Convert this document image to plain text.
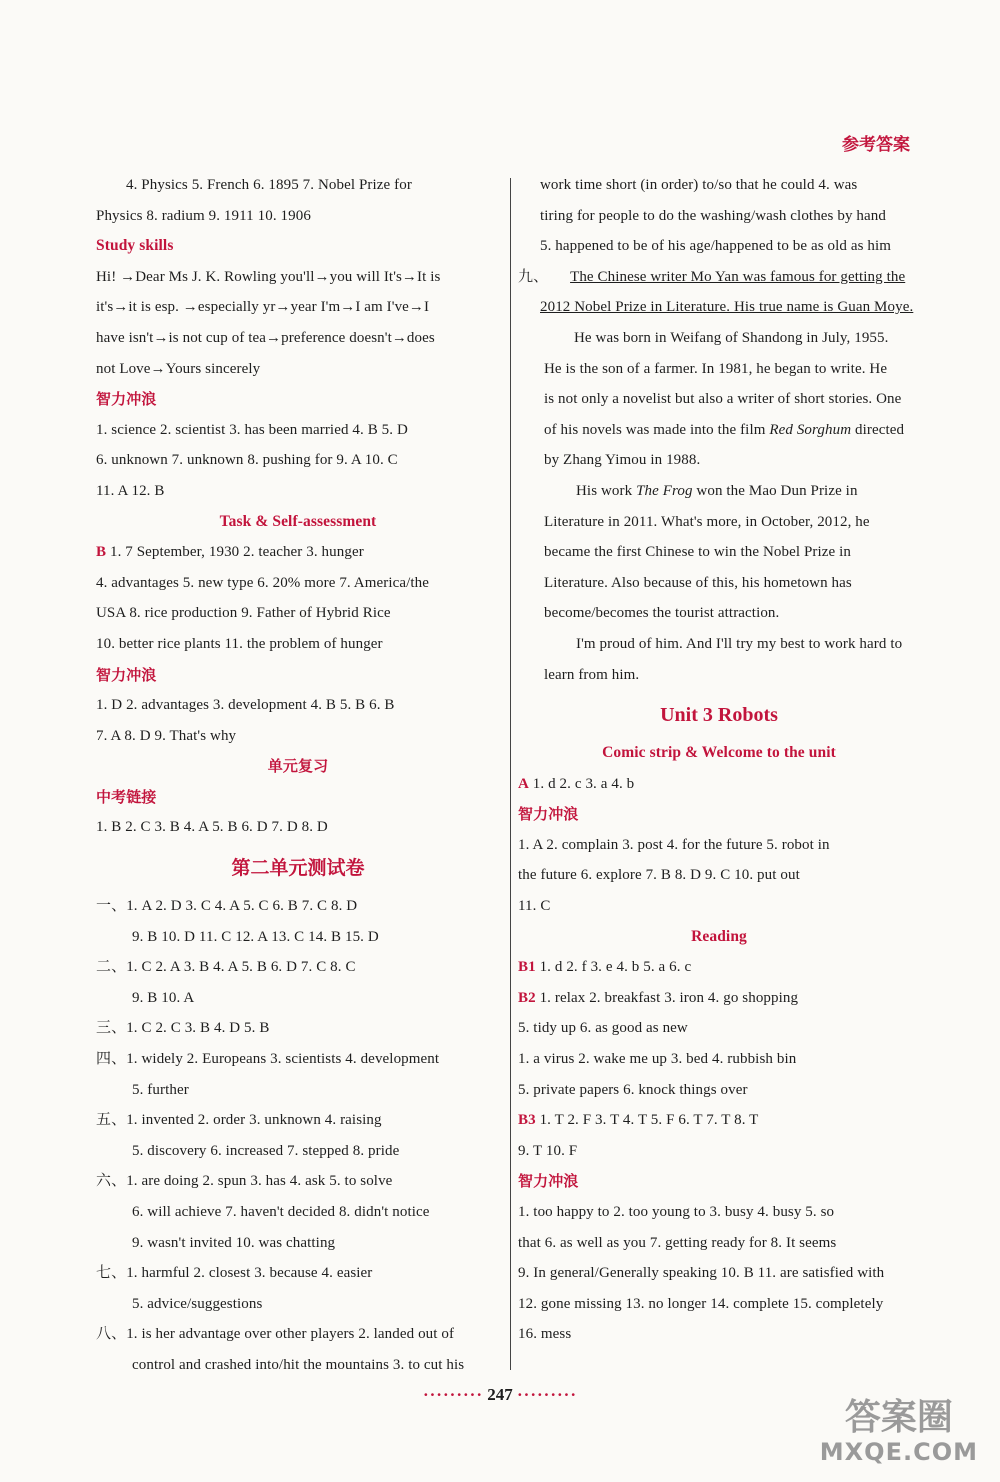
参考答案
4. Physics 5. French 6. 1895 7. Nobel Prize for
Physics 8. radium 9. 1911 10. 1906
Study skills
Hi! →Dear Ms J. K. Rowling you'll→you will It's→It is
it's→it is esp. →especially yr→year I'm→I am I've→I
have isn't→is not cup of tea→preference doesn't→does
not Love→Yours sincerely
智力冲浪
1. science 2. scientist 3. has been married 4. B 5. D
6. unknown 7. unknown 8. pushing for 9. A 10. C
11. A 12. B
Task & Self-assessment
B 1. 7 September, 1930 2. teacher 3. hunger
4. advantages 5. new type 6. 20% more 7. America/the
USA 8. rice production 9. Father of Hybrid Rice
10. better rice plants 11. the problem of hunger
智力冲浪
1. D 2. advantages 3. development 4. B 5. B 6. B
7. A 8. D 9. That's why
单元复习
中考链接
1. B 2. C 3. B 4. A 5. B 6. D 7. D 8. D
第二单元测试卷
一、1. A 2. D 3. C 4. A 5. C 6. B 7. C 8. D
9. B 10. D 11. C 12. A 13. C 14. B 15. D
二、1. C 2. A 3. B 4. A 5. B 6. D 7. C 8. C
9. B 10. A
三、1. C 2. C 3. B 4. D 5. B
四、1. widely 2. Europeans 3. scientists 4. development
5. further
五、1. invented 2. order 3. unknown 4. raising
5. discovery 6. increased 7. stepped 8. pride
六、1. are doing 2. spun 3. has 4. ask 5. to solve
6. will achieve 7. haven't decided 8. didn't notice
9. wasn't invited 10. was chatting
七、1. harmful 2. closest 3. because 4. easier
5. advice/suggestions
八、1. is her advantage over other players 2. landed out of
control and crashed into/hit the mountains 3. to cut his
work time short (in order) to/so that he could 4. was
tiring for people to do the washing/wash clothes by hand
5. happened to be of his age/happened to be as old as him
九、 The Chinese writer Mo Yan was famous for getting the
2012 Nobel Prize in Literature. His true name is Guan Moye.
He was born in Weifang of Shandong in July, 1955.
He is the son of a farmer. In 1981, he began to write. He
is not only a novelist but also a writer of short stories. One
of his novels was made into the film Red Sorghum directed
by Zhang Yimou in 1988.
His work The Frog won the Mao Dun Prize in
Literature in 2011. What's more, in October, 2012, he
became the first Chinese to win the Nobel Prize in
Literature. Also because of this, his hometown has
become/becomes the tourist attraction.
I'm proud of him. And I'll try my best to work hard to
learn from him.
Unit 3 Robots
Comic strip & Welcome to the unit
A 1. d 2. c 3. a 4. b
智力冲浪
1. A 2. complain 3. post 4. for the future 5. robot in
the future 6. explore 7. B 8. D 9. C 10. put out
11. C
Reading
B1 1. d 2. f 3. e 4. b 5. a 6. c
B2 1. relax 2. breakfast 3. iron 4. go shopping
5. tidy up 6. as good as new
1. a virus 2. wake me up 3. bed 4. rubbish bin
5. private papers 6. knock things over
B3 1. T 2. F 3. T 4. T 5. F 6. T 7. T 8. T
9. T 10. F
智力冲浪
1. too happy to 2. too young to 3. busy 4. busy 5. so
that 6. as well as you 7. getting ready for 8. It seems
9. In general/Generally speaking 10. B 11. are satisfied with
12. gone missing 13. no longer 14. complete 15. completely
16. mess
········· 247 ·········
答案圈
MXQE.COM
